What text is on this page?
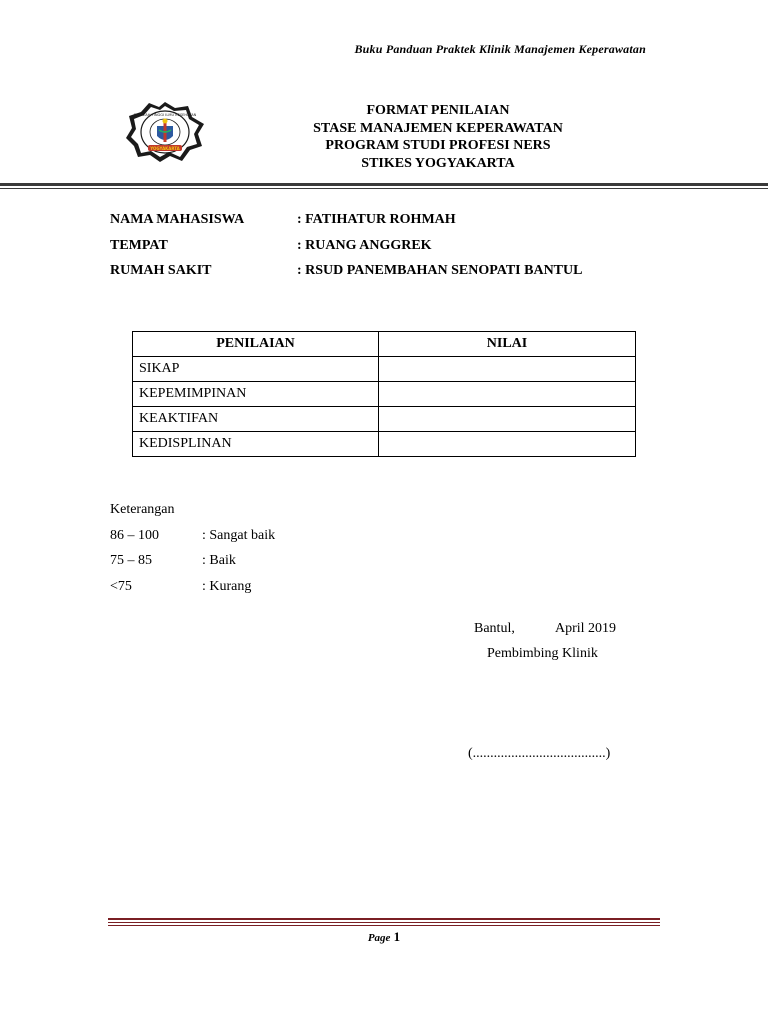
Buku Panduan Praktek Klinik Manajemen Keperawatan
YOGYAKARTA
SEKOLAH TINGGI ILMU KESEHATAN	FORMAT PENILAIAN
STASE MANAJEMEN KEPERAWATAN
PROGRAM STUDI PROFESI NERS
STIKES YOGYAKARTA
NAMA MAHASISWA	: FATIHATUR ROHMAH
TEMPAT	: RUANG ANGGREK
RUMAH SAKIT	: RSUD PANEMBAHAN SENOPATI BANTUL
PENILAIAN	NILAI
SIKAP	
KEPEMIMPINAN	
KEAKTIFAN	
KEDISPLINAN	
Keterangan
86 – 100	: Sangat baik
75 – 85	: Baik
<75	: Kurang
Bantul,	April 2019
Pembimbing Klinik
(......................................)
Page 1
